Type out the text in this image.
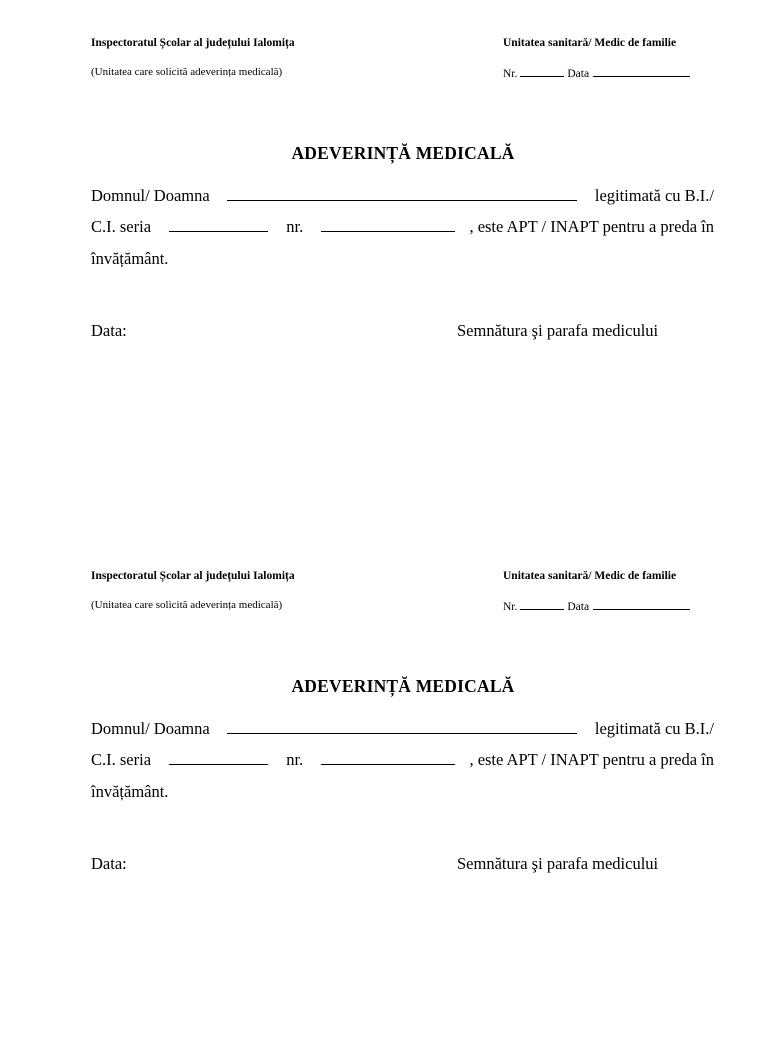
Inspectoratul Școlar al județului Ialomița
(Unitatea care solicită adeverința medicală)
Unitatea sanitară/ Medic de familie
Nr.	Data
ADEVERINȚĂ MEDICALĂ
Domnul/ Doamna	legitimată cu B.I./
C.I. seria	nr.	, este APT / INAPT pentru a preda în
învățământ.
Data:	Semnătura şi parafa medicului
Inspectoratul Școlar al județului Ialomița
(Unitatea care solicită adeverința medicală)
Unitatea sanitară/ Medic de familie
Nr.	Data
ADEVERINȚĂ MEDICALĂ
Domnul/ Doamna	legitimată cu B.I./
C.I. seria	nr.	, este APT / INAPT pentru a preda în
învățământ.
Data:	Semnătura şi parafa medicului
